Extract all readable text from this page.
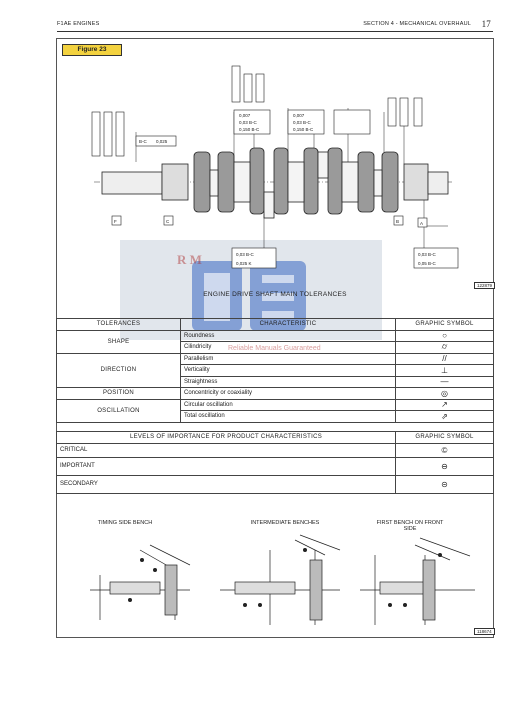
F1AE ENGINES	SECTION 4 - MECHANICAL OVERHAUL 17
Figure 23
R M
Reliable Manuals Guaranteed
0,007
0,03 B-C
0,150 B-C
0,007
0,03 B-C
0,150 B-C
B-C 0,025
0,03 B-C
0,025 K
0,03 B-C
0,05 B-C
F	C	B	A
122879
ENGINE DRIVE SHAFT MAIN TOLERANCES
TOLERANCES	CHARACTERISTIC	GRAPHIC SYMBOL
SHAPE	Roundness	○
	Cilindricity	⌭
DIRECTION	Parallelism	//
	Verticality	⊥
	Straightness	—
POSITION	Concentricity or coaxiality	◎
OSCILLATION	Circular oscillation	↗
	Total oscillation	⇗
LEVELS OF IMPORTANCE FOR PRODUCT CHARACTERISTICS	GRAPHIC SYMBOL
CRITICAL	©
IMPORTANT	⊖
SECONDARY	⊝
TIMING SIDE BENCH	INTERMEDIATE BENCHES	FIRST BENCH ON FRONT SIDE
118674
